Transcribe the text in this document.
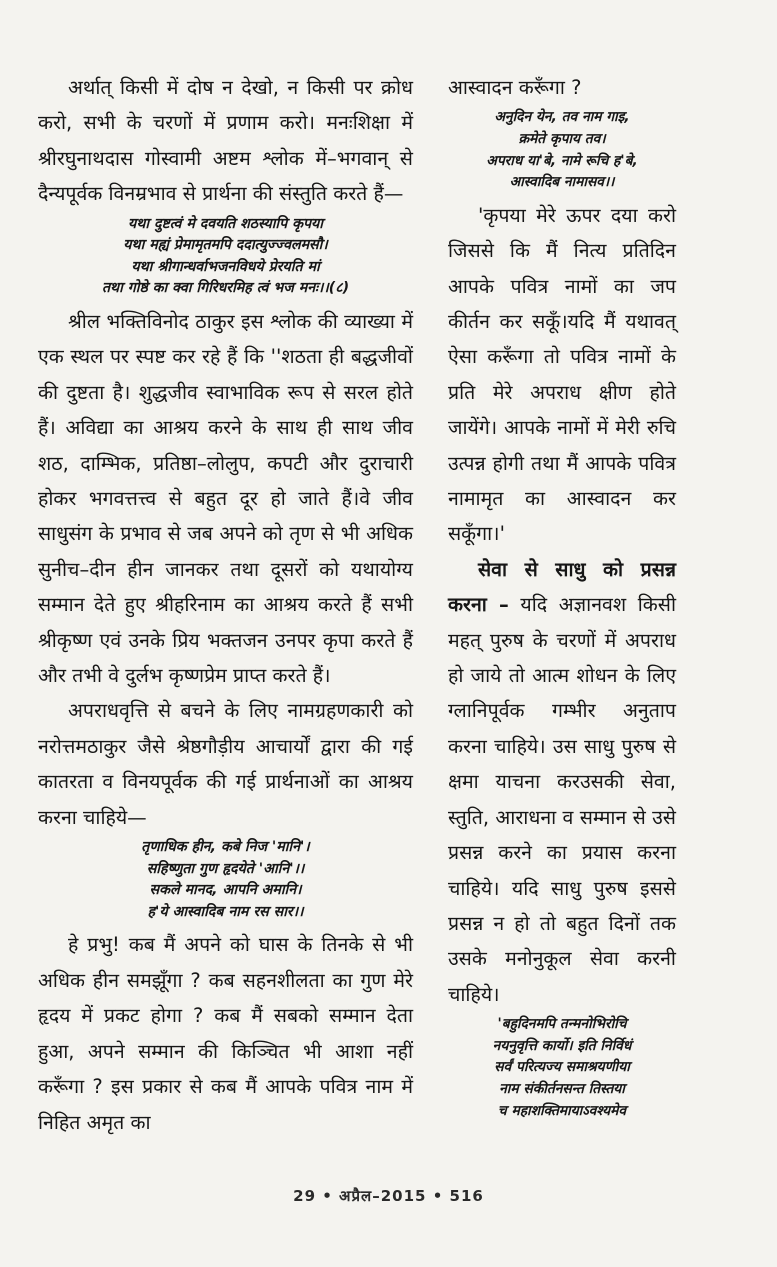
अर्थात् किसी में दोष न देखो, न किसी पर क्रोध करो, सभी के चरणों में प्रणाम करो। मनःशिक्षा में श्रीरघुनाथदास गोस्वामी अष्टम श्लोक में–भगवान् से दैन्यपूर्वक विनम्रभाव से प्रार्थना की संस्तुति करते हैं—

यथा दुष्टत्वं मे दवयति शठस्यापि कृपया
यथा मह्यं प्रेमामृतमपि ददात्युज्ज्वलमसौ।
यथा श्रीगान्धर्वाभजनविधये प्रेरयति मां
तथा गोष्ठे का क्वा गिरिधरमिह त्वं भज मनः।।(८)

श्रील भक्तिविनोद ठाकुर इस श्लोक की व्याख्या में एक स्थल पर स्पष्ट कर रहे हैं कि ''शठता ही बद्धजीवों की दुष्टता है। शुद्धजीव स्वाभाविक रूप से सरल होते हैं। अविद्या का आश्रय करने के साथ ही साथ जीव शठ, दाम्भिक, प्रतिष्ठा–लोलुप, कपटी और दुराचारी होकर भगवत्तत्त्व से बहुत दूर हो जाते हैं।वे जीव साधुसंग के प्रभाव से जब अपने को तृण से भी अधिक सुनीच–दीन हीन जानकर तथा दूसरों को यथायोग्य सम्मान देते हुए श्रीहरिनाम का आश्रय करते हैं सभी श्रीकृष्ण एवं उनके प्रिय भक्तजन उनपर कृपा करते हैं और तभी वे दुर्लभ कृष्णप्रेम प्राप्त करते हैं।

अपराधवृत्ति से बचने के लिए नामग्रहणकारी को नरोत्तमठाकुर जैसे श्रेष्ठगौड़ीय आचार्यों द्वारा की गई कातरता व विनयपूर्वक की गई प्रार्थनाओं का आश्रय करना चाहिये—

तृणाधिक हीन, कबे निज 'मानि'।
सहिष्णुता गुण हृदयेते 'आनि'।।
सकले मानद, आपनि अमानि।
ह'ये आस्वादिब नाम रस सार।।

हे प्रभु! कब मैं अपने को घास के तिनके से भी अधिक हीन समझूँगा ? कब सहनशीलता का गुण मेरे हृदय में प्रकट होगा ? कब मैं सबको सम्मान देता हुआ, अपने सम्मान की किञ्चित भी आशा नहीं करूँगा ? इस प्रकार से कब मैं आपके पवित्र नाम में निहित अमृत का

आस्वादन करूँगा ?

अनुदिन येन, तव नाम गाइ,
क्रमेते कृपाय तव।
अपराध या'बे, नामे रूचि ह'बे,
आस्वादिब नामासव।।

'कृपया मेरे ऊपर दया करो जिससे कि मैं नित्य प्रतिदिन आपके पवित्र नामों का जप कीर्तन कर सकूँ।यदि मैं यथावत् ऐसा करूँगा तो पवित्र नामों के प्रति मेरे अपराध क्षीण होते जायेंगे। आपके नामों में मेरी रुचि उत्पन्न होगी तथा मैं आपके पवित्र नामामृत का आस्वादन कर सकूँगा।'

सेवा से साधु को प्रसन्न करना – यदि अज्ञानवश किसी महत् पुरुष के चरणों में अपराध हो जाये तो आत्म शोधन के लिए ग्लानिपूर्वक गम्भीर अनुताप करना चाहिये। उस साधु पुरुष से क्षमा याचना करउसकी सेवा, स्तुति, आराधना व सम्मान से उसे प्रसन्न करने का प्रयास करना चाहिये। यदि साधु पुरुष इससे प्रसन्न न हो तो बहुत दिनों तक उसके मनोनुकूल सेवा करनी चाहिये।

'बहुदिनमपि तन्मनोभिरोचि
नयनुवृत्ति कार्यो। इति निर्विधं
सर्वं परित्यज्य समाश्रयणीया
नाम संकीर्तनसन्त तिस्तया
च महाशक्तिमायाऽवश्यमेव
29 • अप्रैल–2015 • 516
